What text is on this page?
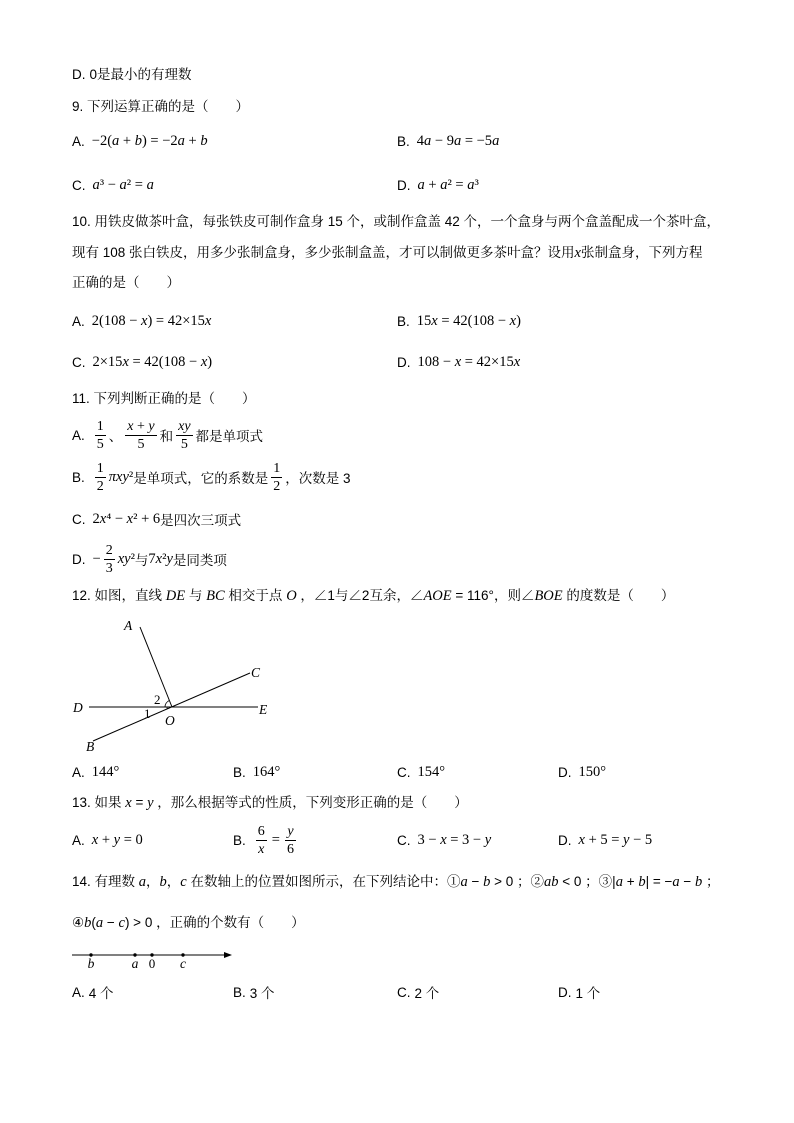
D. 0是最小的有理数
9. 下列运算正确的是（　　）
A. −2(a + b) = −2a + b	B. 4a − 9a = −5a
C. a³ − a² = a	D. a + a² = a³
10. 用铁皮做茶叶盒，每张铁皮可制作盒身 15 个，或制作盒盖 42 个，一个盒身与两个盒盖配成一个茶叶盒，
现有 108 张白铁皮，用多少张制盒身，多少张制盒盖，才可以制做更多茶叶盒？设用x张制盒身，下列方程
正确的是（　　）
A. 2(108 − x) = 42×15x	B. 15x = 42(108 − x)
C. 2×15x = 42(108 − x)	D. 108 − x = 42×15x
11. 下列判断正确的是（　　）
A. $\frac{1}{5}$ 、 $\frac{x + y}{5}$ 和 $\frac{xy}{5}$ 都是单项式
B. $\frac{1}{2} \pi xy^2$ 是单项式，它的系数是 $\frac{1}{2}$ ，次数是 3
C. 2x⁴ − x² + 6 是四次三项式
D. − $\frac{2}{3} xy^2$ 与 7x²y 是同类项
12. 如图，直线 DE 与 BC 相交于点 O ，∠1与∠2互余，∠AOE = 116°，则∠BOE 的度数是（　　）
A
C
D	E
B
O
1
2
A. 144°	B. 164°	C. 154°	D. 150°
13. 如果 x = y ，那么根据等式的性质，下列变形正确的是（　　）
A. x + y = 0	B. $\frac{6}{x} = \frac{y}{6}$	C. 3 − x = 3 − y	D. x + 5 = y − 5
14. 有理数 a，b，c 在数轴上的位置如图所示，在下列结论中：①a − b > 0 ；②ab < 0 ；③|a + b| = −a − b ；
④b(a − c) > 0 ，正确的个数有（　　）
b	a 0 c
A. 4 个	B. 3 个	C. 2 个	D. 1 个
